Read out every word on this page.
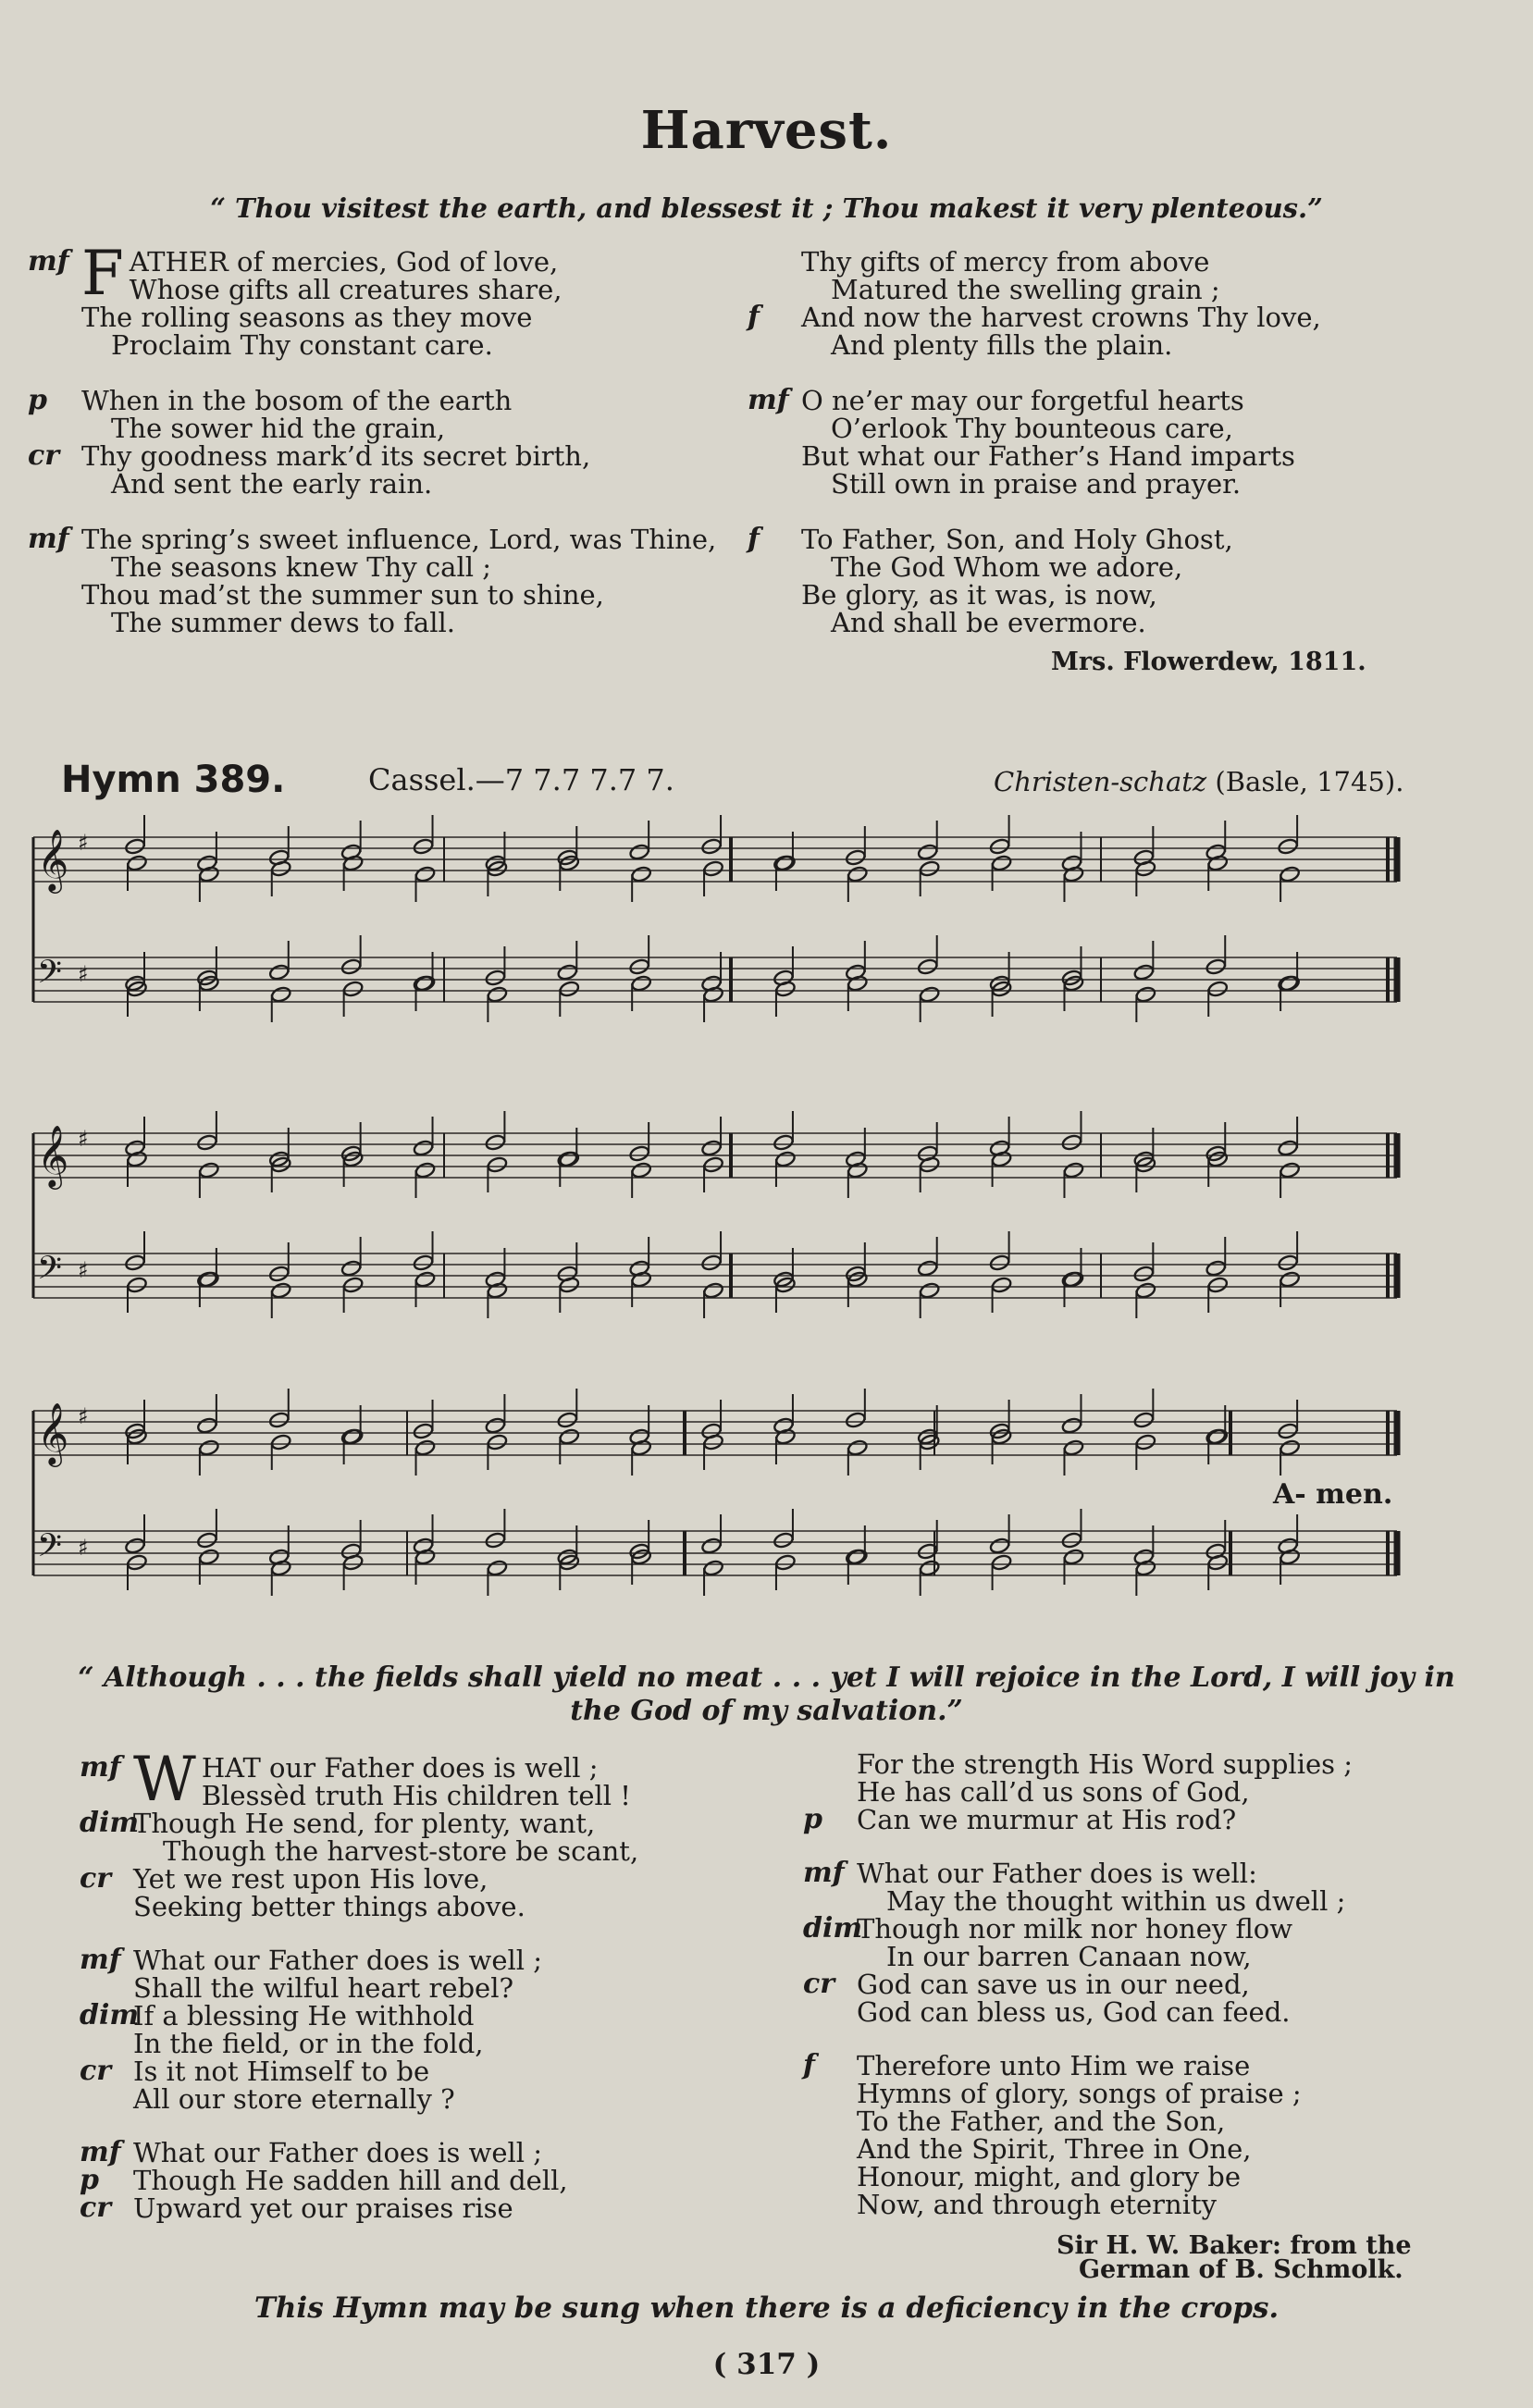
Harvest.
“ Thou visitest the earth, and blessest it ; Thou makest it very plenteous.”
mf F ATHER of mercies, God of love,
Whose gifts all creatures share,
The rolling seasons as they move
Proclaim Thy constant care.
p When in the bosom of the earth
The sower hid the grain,
cr Thy goodness mark’d its secret birth,
And sent the early rain.
mf The spring’s sweet influence, Lord, was Thine,
The seasons knew Thy call ;
Thou mad’st the summer sun to shine,
The summer dews to fall.
Thy gifts of mercy from above
Matured the swelling grain ;
f And now the harvest crowns Thy love,
And plenty fills the plain.
mf O ne’er may our forgetful hearts
O’erlook Thy bounteous care,
But what our Father’s Hand imparts
Still own in praise and prayer.
f To Father, Son, and Holy Ghost,
The God Whom we adore,
Be glory, as it was, is now,
And shall be evermore.
Mrs. Flowerdew, 1811.
Hymn 389.	Cassel.—7 7.7 7.7 7.	Christen-schatz (Basle, 1745).
𝄞 ♯
𝄢 ♯
𝄞 ♯
𝄢 ♯
𝄞 ♯
𝄢 ♯
A- men.
“ Although . . . the fields shall yield no meat . . . yet I will rejoice in the Lord, I will joy in
the God of my salvation.”
mf W HAT our Father does is well ;
Blessèd truth His children tell !
dim
Though He send, for plenty, want,
Though the harvest-store be scant,
cr Yet we rest upon His love,
Seeking better things above.
mf What our Father does is well ;
Shall the wilful heart rebel?
dim
If a blessing He withhold
In the field, or in the fold,
cr Is it not Himself to be
All our store eternally ?
mf What our Father does is well ;
p Though He sadden hill and dell,
cr Upward yet our praises rise
For the strength His Word supplies ;
He has call’d us sons of God,
p Can we murmur at His rod?
mf What our Father does is well:
May the thought within us dwell ;
dim
Though nor milk nor honey flow
In our barren Canaan now,
cr God can save us in our need,
God can bless us, God can feed.
f Therefore unto Him we raise
Hymns of glory, songs of praise ;
To the Father, and the Son,
And the Spirit, Three in One,
Honour, might, and glory be
Now, and through eternity
Sir H. W. Baker: from the
German of B. Schmolk.
This Hymn may be sung when there is a deficiency in the crops.
( 317 )
